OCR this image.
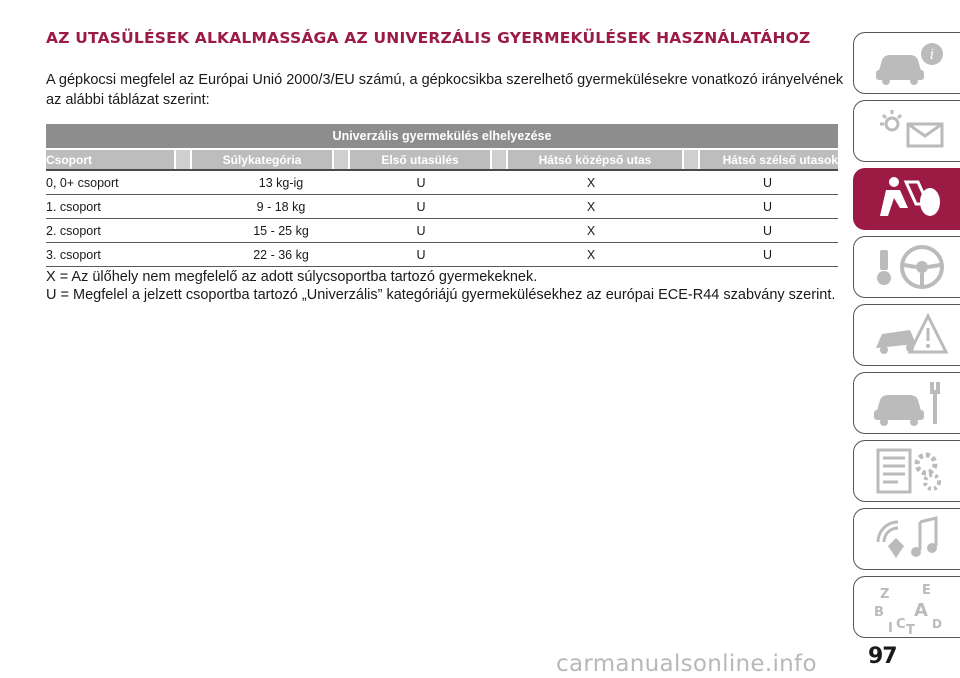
AZ UTASÜLÉSEK ALKALMASSÁGA AZ UNIVERZÁLIS GYERMEKÜLÉSEK HASZNÁLATÁHOZ
A gépkocsi megfelel az Európai Unió 2000/3/EU számú, a gépkocsikba szerelhető gyermekülésekre vonatkozó irányelvének az alábbi táblázat szerint:
Univerzális gyermekülés elhelyezése
Csoport	Súlykategória	Első utasülés	Hátsó középső utas	Hátsó szélső utasok
0, 0+ csoport	13 kg-ig	U	X	U
1. csoport	9 - 18 kg	U	X	U
2. csoport	15 - 25 kg	U	X	U
3. csoport	22 - 36 kg	U	X	U
X = Az ülőhely nem megfelelő az adott súlycsoportba tartozó gyermekeknek.
U = Megfelel a jelzett csoportba tartozó „Univerzális” kategóriájú gyermekülésekhez az európai ECE-R44 szabvány szerint.
i
Z	E
B A
C D
I T
carmanualsonline.info 97
